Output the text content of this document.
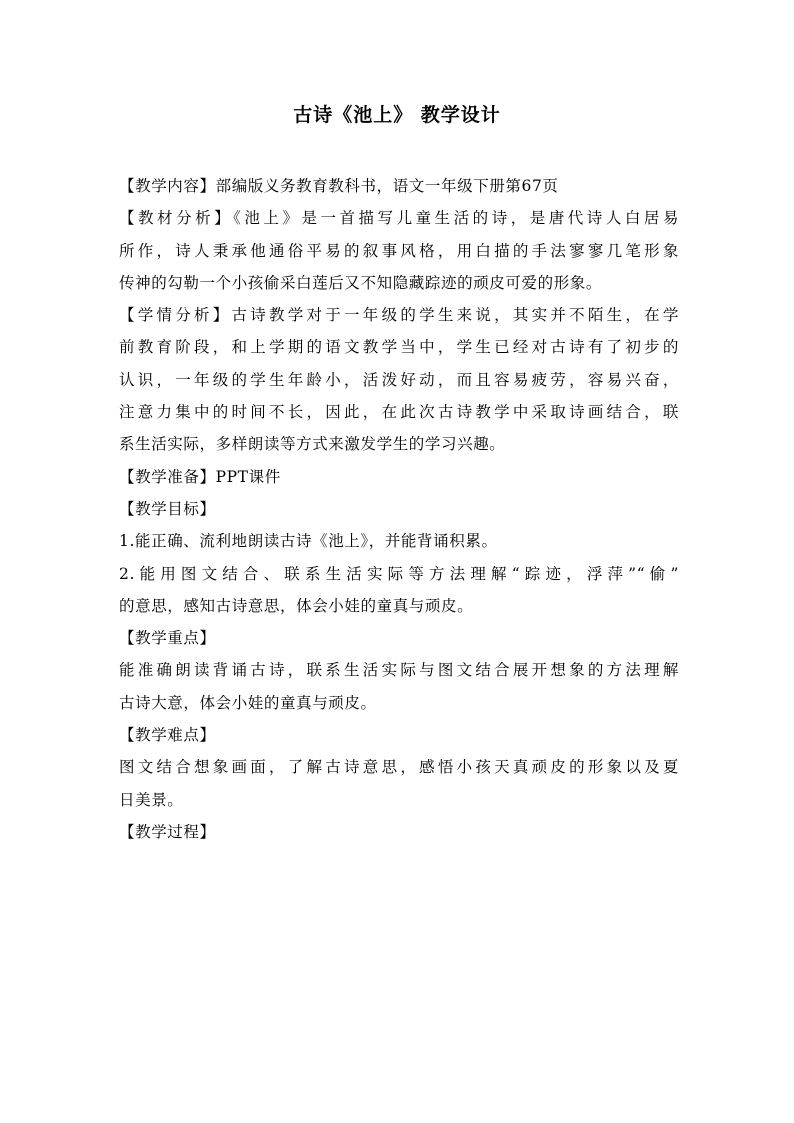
古诗《池上》 教学设计
【教学内容】部编版义务教育教科书，语文一年级下册第67页
【教材分析】《池上》是一首描写儿童生活的诗，是唐代诗人白居易
所作，诗人秉承他通俗平易的叙事风格，用白描的手法寥寥几笔形象
传神的勾勒一个小孩偷采白莲后又不知隐藏踪迹的顽皮可爱的形象。
【学情分析】古诗教学对于一年级的学生来说，其实并不陌生，在学
前教育阶段，和上学期的语文教学当中，学生已经对古诗有了初步的
认识，一年级的学生年龄小，活泼好动，而且容易疲劳，容易兴奋，
注意力集中的时间不长，因此，在此次古诗教学中采取诗画结合，联
系生活实际，多样朗读等方式来激发学生的学习兴趣。
【教学准备】PPT课件
【教学目标】
1.能正确、流利地朗读古诗《池上》，并能背诵积累。
2.能用图文结合、联系生活实际等方法理解“踪迹，浮萍”“偷”
的意思，感知古诗意思，体会小娃的童真与顽皮。
【教学重点】
能准确朗读背诵古诗，联系生活实际与图文结合展开想象的方法理解
古诗大意，体会小娃的童真与顽皮。
【教学难点】
图文结合想象画面，了解古诗意思，感悟小孩天真顽皮的形象以及夏
日美景。
【教学过程】
